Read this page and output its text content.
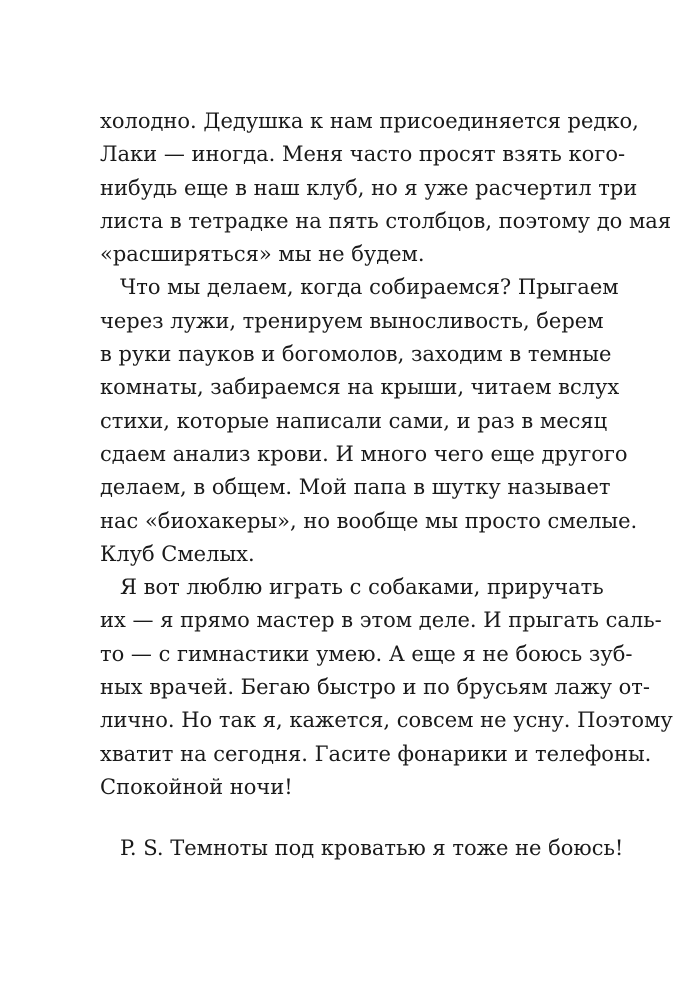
холодно. Дедушка к нам присоединяется редко,
Лаки — иногда. Меня часто просят взять кого-
нибудь еще в наш клуб, но я уже расчертил три
листа в тетрадке на пять столбцов, поэтому до мая
«расширяться» мы не будем.
Что мы делаем, когда собираемся? Прыгаем
через лужи, тренируем выносливость, берем
в руки пауков и богомолов, заходим в темные
комнаты, забираемся на крыши, читаем вслух
стихи, которые написали сами, и раз в месяц
сдаем анализ крови. И много чего еще другого
делаем, в общем. Мой папа в шутку называет
нас «биохакеры», но вообще мы просто смелые.
Клуб Смелых.
Я вот люблю играть с собаками, приручать
их — я прямо мастер в этом деле. И прыгать саль-
то — с гимнастики умею. А еще я не боюсь зуб-
ных врачей. Бегаю быстро и по брусьям лажу от-
лично. Но так я, кажется, совсем не усну. Поэтому
хватит на сегодня. Гасите фонарики и телефоны.
Спокойной ночи!
P. S. Темноты под кроватью я тоже не боюсь!
